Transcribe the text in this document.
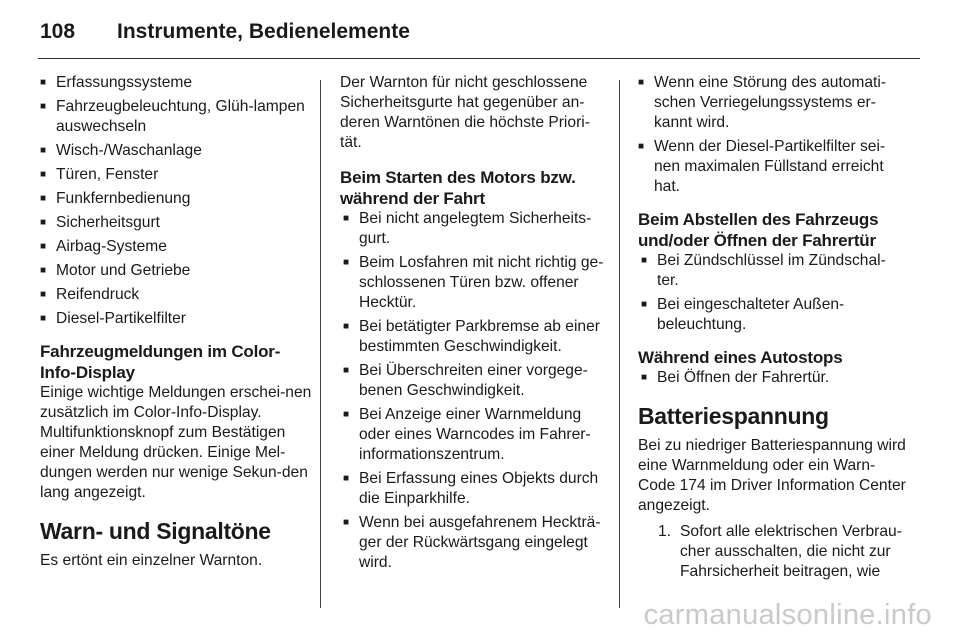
108 Instrumente, Bedienelemente
■ Erfassungssysteme
■ Fahrzeugbeleuchtung, Glüh-lampen auswechseln
■ Wisch-/Waschanlage
■ Türen, Fenster
■ Funkfernbedienung
■ Sicherheitsgurt
■ Airbag-Systeme
■ Motor und Getriebe
■ Reifendruck
■ Diesel-Partikelfilter
Fahrzeugmeldungen im Color-Info-Display

Einige wichtige Meldungen erschei-nen zusätzlich im Color-Info-Display. Multifunktionsknopf zum Bestätigen einer Meldung drücken. Einige Mel-dungen werden nur wenige Sekun-den lang angezeigt.

Warn- und Signaltöne

Es ertönt ein einzelner Warnton.

Der Warnton für nicht geschlossene Sicherheitsgurte hat gegenüber an-deren Warntönen die höchste Priori-tät.

Beim Starten des Motors bzw. während der Fahrt
■ Bei nicht angelegtem Sicherheits-gurt.
■ Beim Losfahren mit nicht richtig ge-schlossenen Türen bzw. offener Hecktür.
■ Bei betätigter Parkbremse ab einer bestimmten Geschwindigkeit.
■ Bei Überschreiten einer vorgege-benen Geschwindigkeit.
■ Bei Anzeige einer Warnmeldung oder eines Warncodes im Fahrer-informationszentrum.
■ Bei Erfassung eines Objekts durch die Einparkhilfe.
■ Wenn bei ausgefahrenem Heckträ-ger der Rückwärtsgang eingelegt wird.
■ Wenn eine Störung des automati-schen Verriegelungssystems er-kannt wird.
■ Wenn der Diesel-Partikelfilter sei-nen maximalen Füllstand erreicht hat.
Beim Abstellen des Fahrzeugs und/oder Öffnen der Fahrertür
■ Bei Zündschlüssel im Zündschal-ter.
■ Bei eingeschalteter Außen-beleuchtung.
Während eines Autostops
■ Bei Öffnen der Fahrertür.
Batteriespannung

Bei zu niedriger Batteriespannung wird eine Warnmeldung oder ein Warn-Code 174 im Driver Information Center angezeigt.

1. Sofort alle elektrischen Verbrau-cher ausschalten, die nicht zur Fahrsicherheit beitragen, wie
carmanualsonline.info
